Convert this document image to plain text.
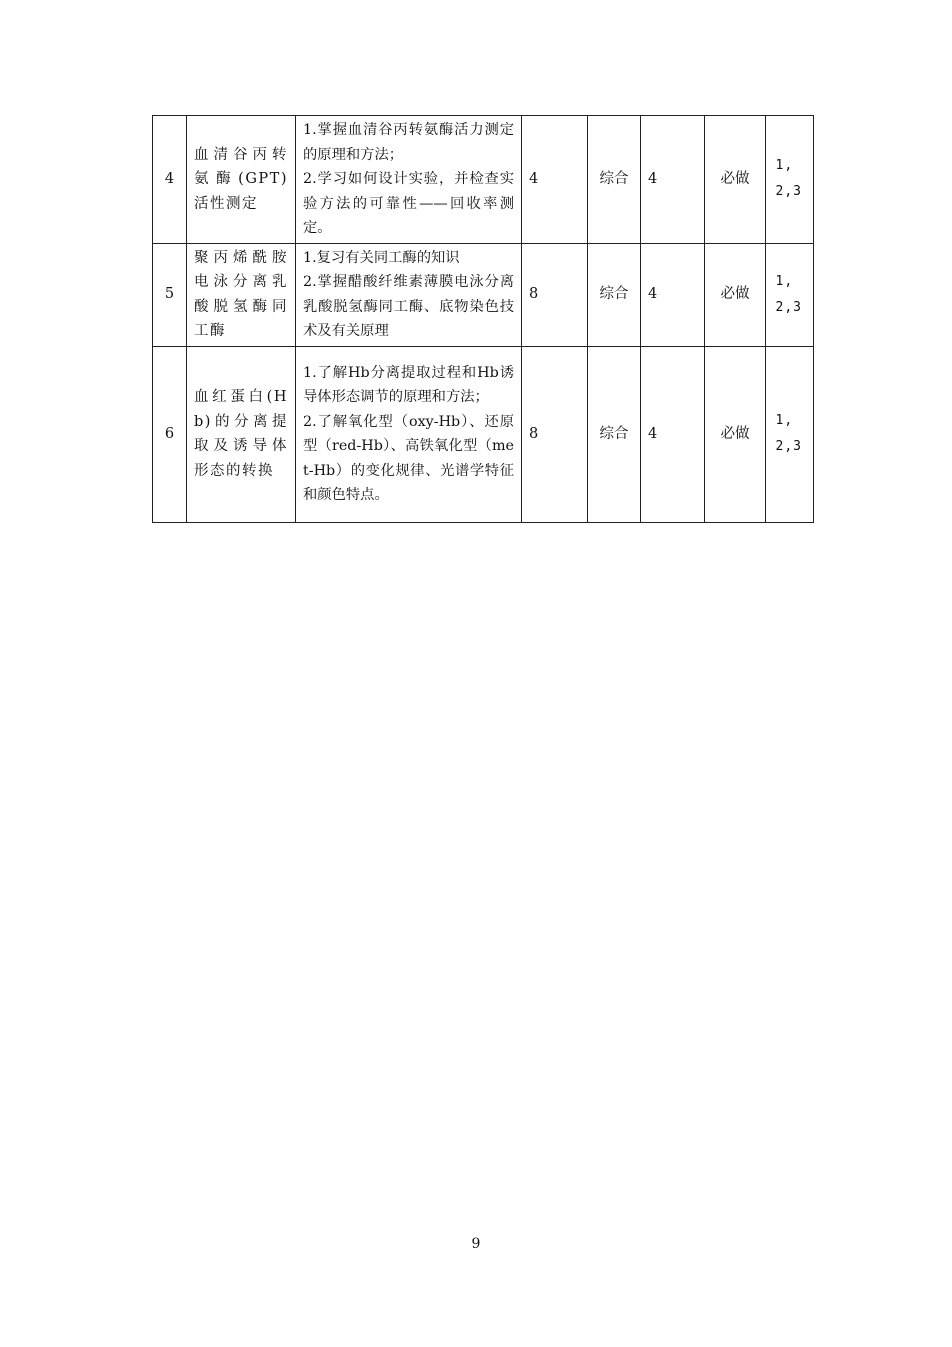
4	血清谷丙转氨酶(GPT)活性测定	1.掌握血清谷丙转氨酶活力测定的原理和方法；
2.学习如何设计实验，并检查实验方法的可靠性——回收率测定。	4	综合	4	必做	1,2,3
5	聚丙烯酰胺电泳分离乳酸脱氢酶同工酶	1.复习有关同工酶的知识
2.掌握醋酸纤维素薄膜电泳分离乳酸脱氢酶同工酶、底物染色技术及有关原理	8	综合	4	必做	1,2,3
6	血红蛋白(Hb)的分离提取及诱导体形态的转换	1.了解Hb分离提取过程和Hb诱导体形态调节的原理和方法；
2.了解氧化型（oxy-Hb）、还原型（red-Hb）、高铁氧化型（met-Hb）的变化规律、光谱学特征和颜色特点。	8	综合	4	必做	1,2,3
9
